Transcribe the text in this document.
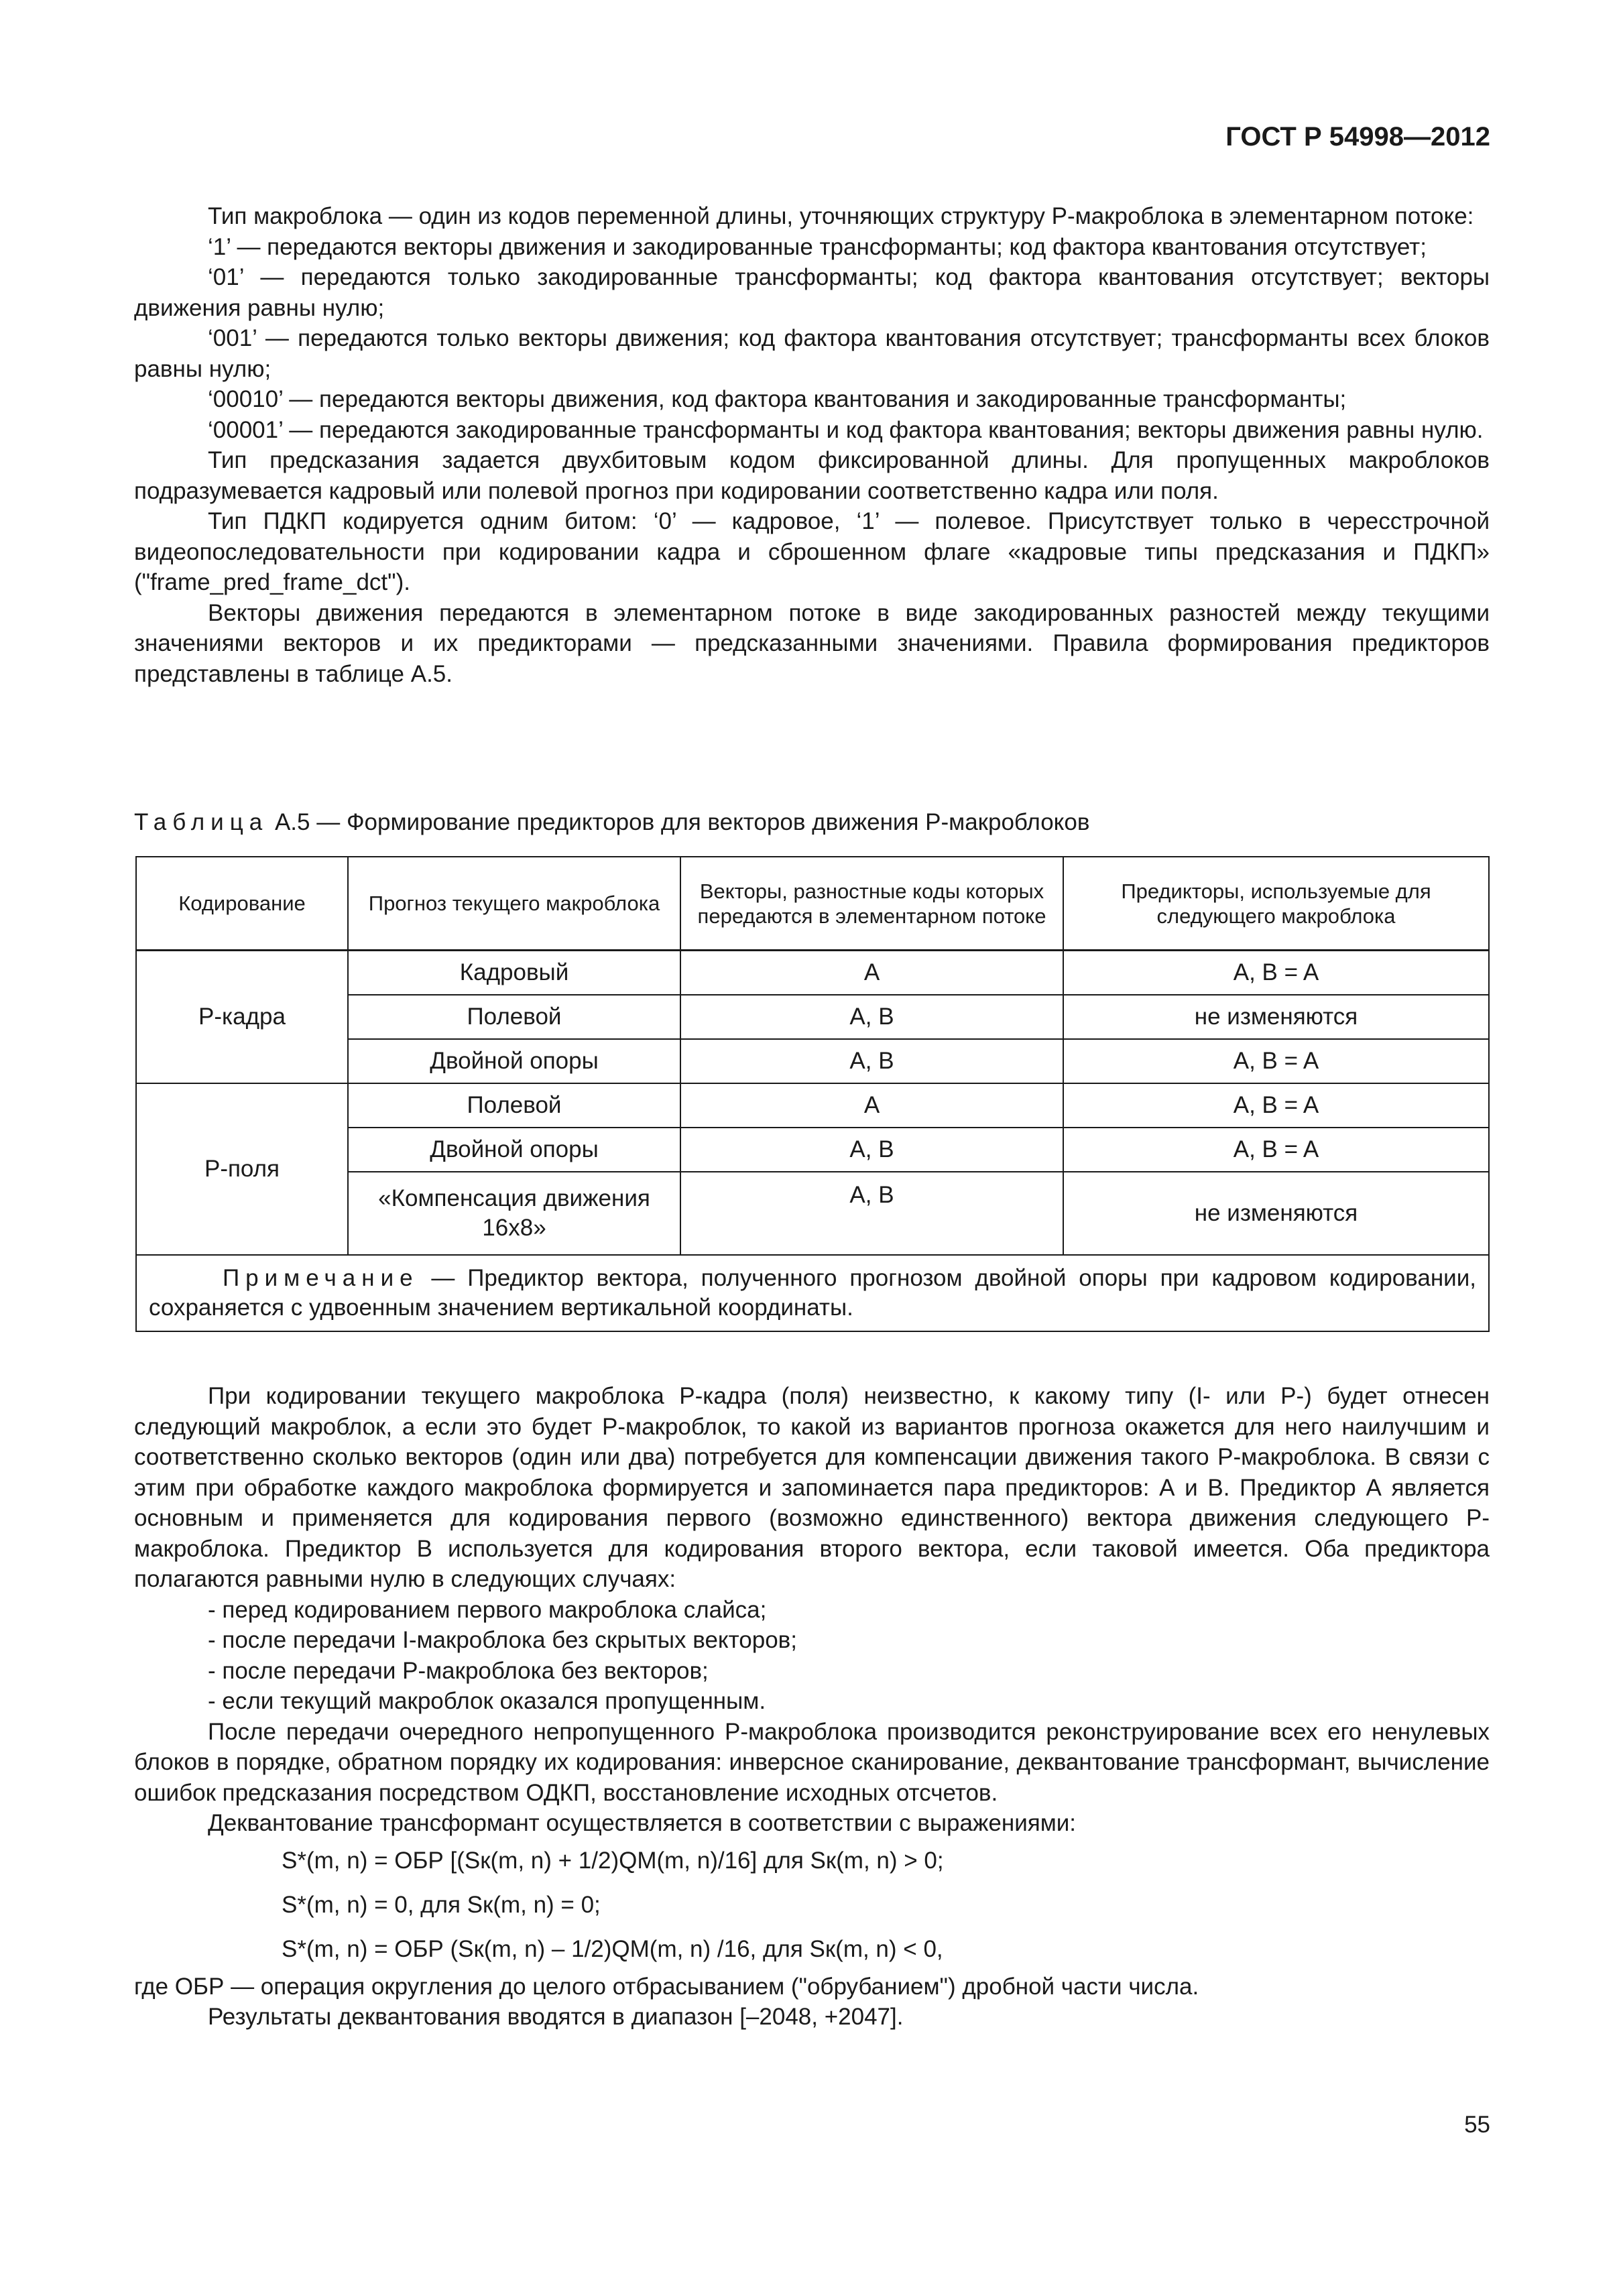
ГОСТ Р 54998—2012

Тип макроблока — один из кодов переменной длины, уточняющих структуру P-макроблока в элементарном потоке:

‘1’ — передаются векторы движения и закодированные трансформанты; код фактора квантования отсутствует;

‘01’ — передаются только закодированные трансформанты; код фактора квантования отсутствует; векторы движения равны нулю;

‘001’ — передаются только векторы движения; код фактора квантования отсутствует; трансформанты всех блоков равны нулю;

‘00010’ — передаются векторы движения, код фактора квантования и закодированные трансформанты;

‘00001’ — передаются закодированные трансформанты и код фактора квантования; векторы движения равны нулю.

Тип предсказания задается двухбитовым кодом фиксированной длины. Для пропущенных макроблоков подразумевается кадровый или полевой прогноз при кодировании соответственно кадра или поля.

Тип ПДКП кодируется одним битом: ‘0’ — кадровое, ‘1’ — полевое. Присутствует только в чересстрочной видеопоследовательности при кодировании кадра и сброшенном флаге «кадровые типы предсказания и ПДКП» ("frame_pred_frame_dct").

Векторы движения передаются в элементарном потоке в виде закодированных разностей между текущими значениями векторов и их предикторами — предсказанными значениями. Правила формирования предикторов представлены в таблице А.5.

Таблица А.5 — Формирование предикторов для векторов движения P-макроблоков
Кодирование	Прогноз текущего макроблока	Векторы, разностные коды которых передаются в элементарном потоке	Предикторы, используемые для следующего макроблока
P-кадра	Кадровый	A	A, B = A
	Полевой	A, B	не изменяются
	Двойной опоры	A, B	A, B = A
P-поля	Полевой	A	A, B = A
	Двойной опоры	A, B	A, B = A
	«Компенсация движения 16x8»	A, B	не изменяются

Примечание — Предиктор вектора, полученного прогнозом двойной опоры при кадровом кодировании, сохраняется с удвоенным значением вертикальной координаты.			

При кодировании текущего макроблока P-кадра (поля) неизвестно, к какому типу (I- или P-) будет отнесен следующий макроблок, а если это будет P-макроблок, то какой из вариантов прогноза окажется для него наилучшим и соответственно сколько векторов (один или два) потребуется для компенсации движения такого P-макроблока. В связи с этим при обработке каждого макроблока формируется и запоминается пара предикторов: А и В. Предиктор А является основным и применяется для кодирования первого (возможно единственного) вектора движения следующего P-макроблока. Предиктор В используется для кодирования второго вектора, если таковой имеется. Оба предиктора полагаются равными нулю в следующих случаях:

- перед кодированием первого макроблока слайса;

- после передачи I-макроблока без скрытых векторов;

- после передачи P-макроблока без векторов;

- если текущий макроблок оказался пропущенным.

После передачи очередного непропущенного P-макроблока производится реконструирование всех его ненулевых блоков в порядке, обратном порядку их кодирования: инверсное сканирование, деквантование трансформант, вычисление ошибок предсказания посредством ОДКП, восстановление исходных отсчетов.

Деквантование трансформант осуществляется в соответствии с выражениями:

S*(m, n) = ОБР [(Sк(m, n) + 1/2)QM(m, n)/16] для Sк(m, n) > 0;

S*(m, n) = 0, для Sк(m, n) = 0;

S*(m, n) = ОБР (Sк(m, n) – 1/2)QM(m, n) /16, для Sк(m, n) < 0,

где ОБР — операция округления до целого отбрасыванием ("обрубанием") дробной части числа.

Результаты деквантования вводятся в диапазон [–2048, +2047].

55
